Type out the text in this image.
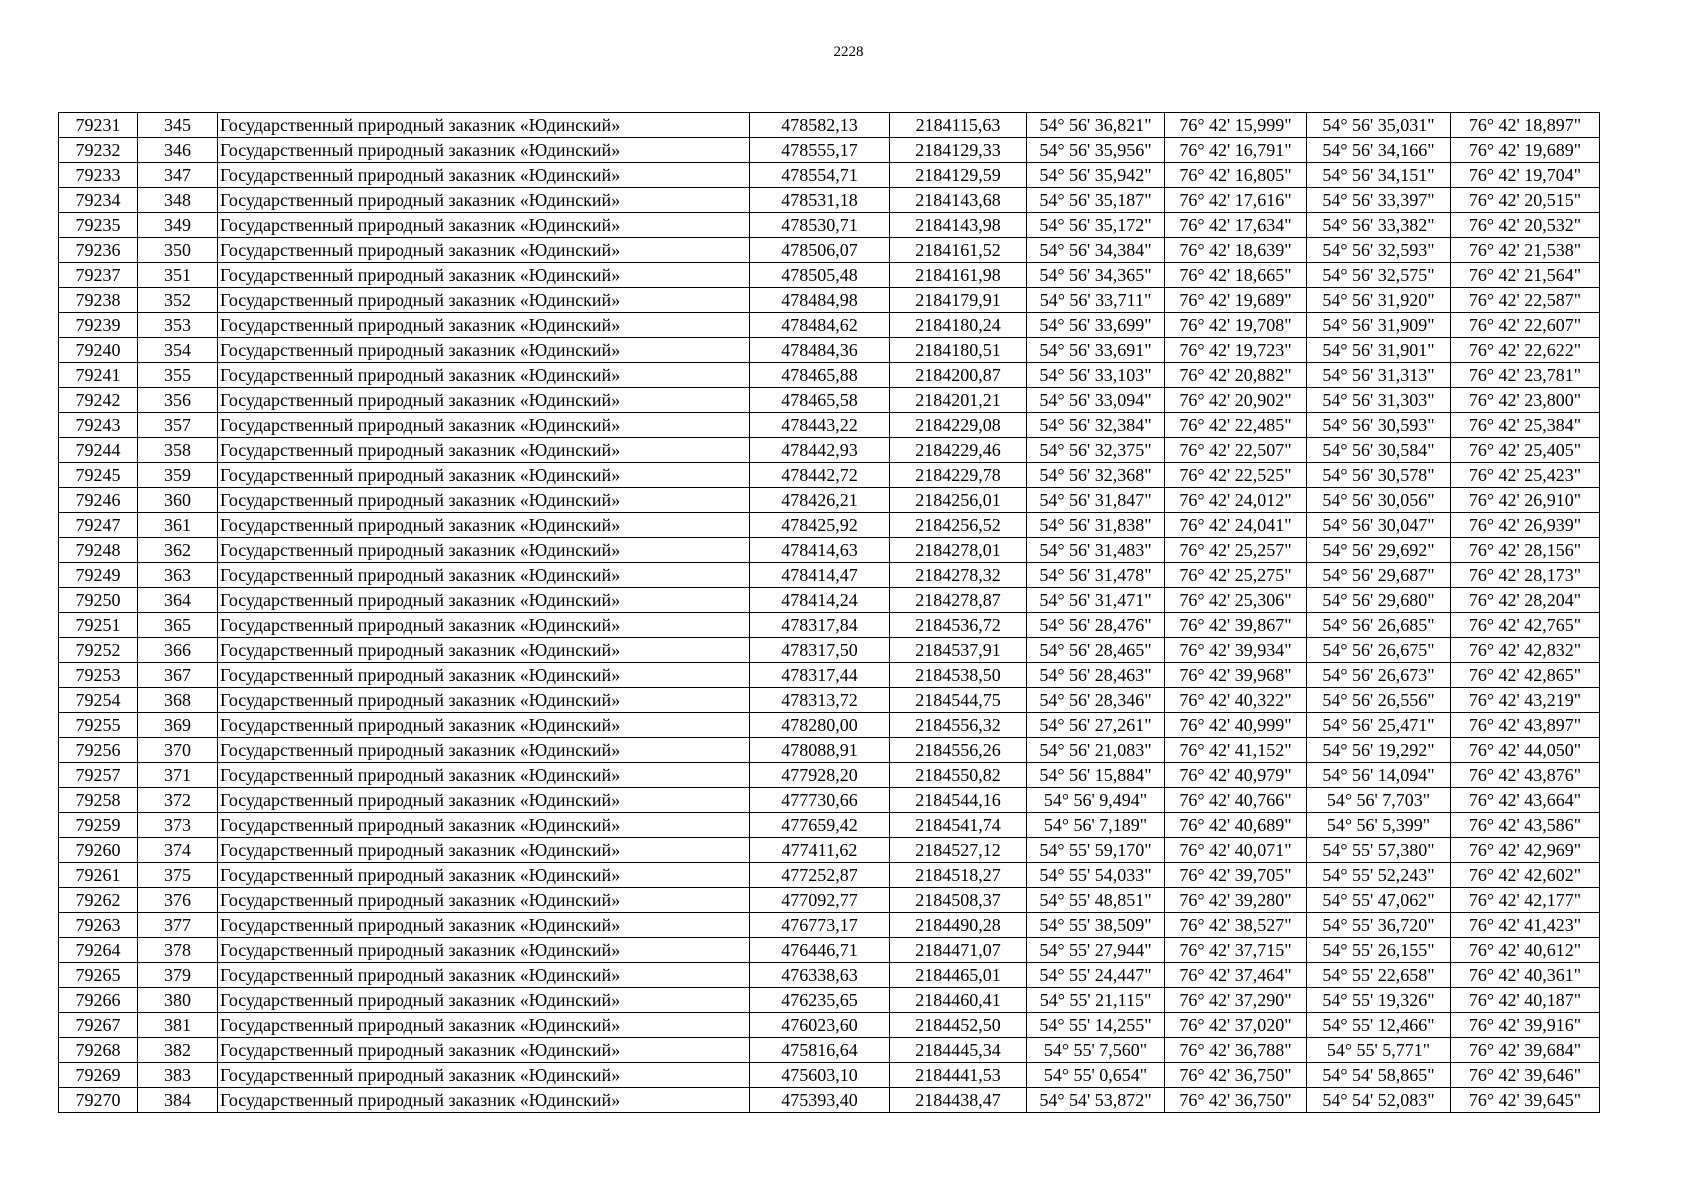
2228
79231	345	Государственный природный заказник «Юдинский»	478582,13	2184115,63	54° 56' 36,821"	76° 42' 15,999"	54° 56' 35,031"	76° 42' 18,897"
79232	346	Государственный природный заказник «Юдинский»	478555,17	2184129,33	54° 56' 35,956"	76° 42' 16,791"	54° 56' 34,166"	76° 42' 19,689"
79233	347	Государственный природный заказник «Юдинский»	478554,71	2184129,59	54° 56' 35,942"	76° 42' 16,805"	54° 56' 34,151"	76° 42' 19,704"
79234	348	Государственный природный заказник «Юдинский»	478531,18	2184143,68	54° 56' 35,187"	76° 42' 17,616"	54° 56' 33,397"	76° 42' 20,515"
79235	349	Государственный природный заказник «Юдинский»	478530,71	2184143,98	54° 56' 35,172"	76° 42' 17,634"	54° 56' 33,382"	76° 42' 20,532"
79236	350	Государственный природный заказник «Юдинский»	478506,07	2184161,52	54° 56' 34,384"	76° 42' 18,639"	54° 56' 32,593"	76° 42' 21,538"
79237	351	Государственный природный заказник «Юдинский»	478505,48	2184161,98	54° 56' 34,365"	76° 42' 18,665"	54° 56' 32,575"	76° 42' 21,564"
79238	352	Государственный природный заказник «Юдинский»	478484,98	2184179,91	54° 56' 33,711"	76° 42' 19,689"	54° 56' 31,920"	76° 42' 22,587"
79239	353	Государственный природный заказник «Юдинский»	478484,62	2184180,24	54° 56' 33,699"	76° 42' 19,708"	54° 56' 31,909"	76° 42' 22,607"
79240	354	Государственный природный заказник «Юдинский»	478484,36	2184180,51	54° 56' 33,691"	76° 42' 19,723"	54° 56' 31,901"	76° 42' 22,622"
79241	355	Государственный природный заказник «Юдинский»	478465,88	2184200,87	54° 56' 33,103"	76° 42' 20,882"	54° 56' 31,313"	76° 42' 23,781"
79242	356	Государственный природный заказник «Юдинский»	478465,58	2184201,21	54° 56' 33,094"	76° 42' 20,902"	54° 56' 31,303"	76° 42' 23,800"
79243	357	Государственный природный заказник «Юдинский»	478443,22	2184229,08	54° 56' 32,384"	76° 42' 22,485"	54° 56' 30,593"	76° 42' 25,384"
79244	358	Государственный природный заказник «Юдинский»	478442,93	2184229,46	54° 56' 32,375"	76° 42' 22,507"	54° 56' 30,584"	76° 42' 25,405"
79245	359	Государственный природный заказник «Юдинский»	478442,72	2184229,78	54° 56' 32,368"	76° 42' 22,525"	54° 56' 30,578"	76° 42' 25,423"
79246	360	Государственный природный заказник «Юдинский»	478426,21	2184256,01	54° 56' 31,847"	76° 42' 24,012"	54° 56' 30,056"	76° 42' 26,910"
79247	361	Государственный природный заказник «Юдинский»	478425,92	2184256,52	54° 56' 31,838"	76° 42' 24,041"	54° 56' 30,047"	76° 42' 26,939"
79248	362	Государственный природный заказник «Юдинский»	478414,63	2184278,01	54° 56' 31,483"	76° 42' 25,257"	54° 56' 29,692"	76° 42' 28,156"
79249	363	Государственный природный заказник «Юдинский»	478414,47	2184278,32	54° 56' 31,478"	76° 42' 25,275"	54° 56' 29,687"	76° 42' 28,173"
79250	364	Государственный природный заказник «Юдинский»	478414,24	2184278,87	54° 56' 31,471"	76° 42' 25,306"	54° 56' 29,680"	76° 42' 28,204"
79251	365	Государственный природный заказник «Юдинский»	478317,84	2184536,72	54° 56' 28,476"	76° 42' 39,867"	54° 56' 26,685"	76° 42' 42,765"
79252	366	Государственный природный заказник «Юдинский»	478317,50	2184537,91	54° 56' 28,465"	76° 42' 39,934"	54° 56' 26,675"	76° 42' 42,832"
79253	367	Государственный природный заказник «Юдинский»	478317,44	2184538,50	54° 56' 28,463"	76° 42' 39,968"	54° 56' 26,673"	76° 42' 42,865"
79254	368	Государственный природный заказник «Юдинский»	478313,72	2184544,75	54° 56' 28,346"	76° 42' 40,322"	54° 56' 26,556"	76° 42' 43,219"
79255	369	Государственный природный заказник «Юдинский»	478280,00	2184556,32	54° 56' 27,261"	76° 42' 40,999"	54° 56' 25,471"	76° 42' 43,897"
79256	370	Государственный природный заказник «Юдинский»	478088,91	2184556,26	54° 56' 21,083"	76° 42' 41,152"	54° 56' 19,292"	76° 42' 44,050"
79257	371	Государственный природный заказник «Юдинский»	477928,20	2184550,82	54° 56' 15,884"	76° 42' 40,979"	54° 56' 14,094"	76° 42' 43,876"
79258	372	Государственный природный заказник «Юдинский»	477730,66	2184544,16	54° 56' 9,494"	76° 42' 40,766"	54° 56' 7,703"	76° 42' 43,664"
79259	373	Государственный природный заказник «Юдинский»	477659,42	2184541,74	54° 56' 7,189"	76° 42' 40,689"	54° 56' 5,399"	76° 42' 43,586"
79260	374	Государственный природный заказник «Юдинский»	477411,62	2184527,12	54° 55' 59,170"	76° 42' 40,071"	54° 55' 57,380"	76° 42' 42,969"
79261	375	Государственный природный заказник «Юдинский»	477252,87	2184518,27	54° 55' 54,033"	76° 42' 39,705"	54° 55' 52,243"	76° 42' 42,602"
79262	376	Государственный природный заказник «Юдинский»	477092,77	2184508,37	54° 55' 48,851"	76° 42' 39,280"	54° 55' 47,062"	76° 42' 42,177"
79263	377	Государственный природный заказник «Юдинский»	476773,17	2184490,28	54° 55' 38,509"	76° 42' 38,527"	54° 55' 36,720"	76° 42' 41,423"
79264	378	Государственный природный заказник «Юдинский»	476446,71	2184471,07	54° 55' 27,944"	76° 42' 37,715"	54° 55' 26,155"	76° 42' 40,612"
79265	379	Государственный природный заказник «Юдинский»	476338,63	2184465,01	54° 55' 24,447"	76° 42' 37,464"	54° 55' 22,658"	76° 42' 40,361"
79266	380	Государственный природный заказник «Юдинский»	476235,65	2184460,41	54° 55' 21,115"	76° 42' 37,290"	54° 55' 19,326"	76° 42' 40,187"
79267	381	Государственный природный заказник «Юдинский»	476023,60	2184452,50	54° 55' 14,255"	76° 42' 37,020"	54° 55' 12,466"	76° 42' 39,916"
79268	382	Государственный природный заказник «Юдинский»	475816,64	2184445,34	54° 55' 7,560"	76° 42' 36,788"	54° 55' 5,771"	76° 42' 39,684"
79269	383	Государственный природный заказник «Юдинский»	475603,10	2184441,53	54° 55' 0,654"	76° 42' 36,750"	54° 54' 58,865"	76° 42' 39,646"
79270	384	Государственный природный заказник «Юдинский»	475393,40	2184438,47	54° 54' 53,872"	76° 42' 36,750"	54° 54' 52,083"	76° 42' 39,645"
